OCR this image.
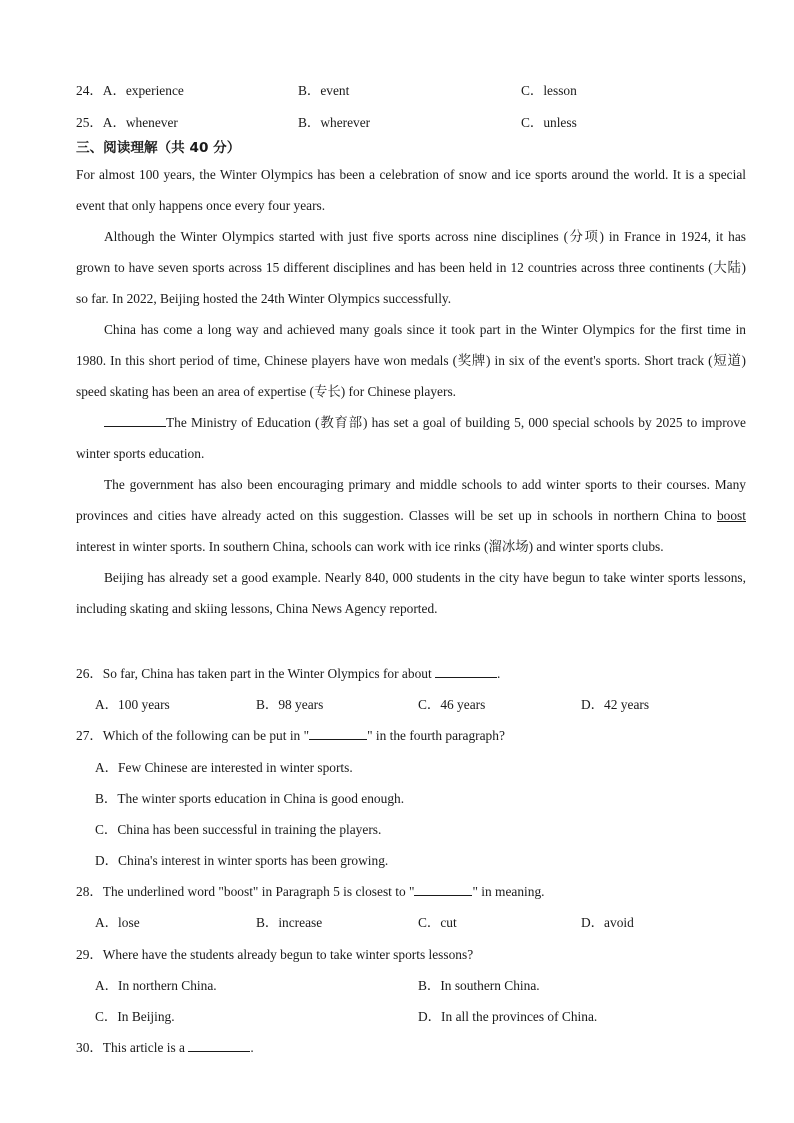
24．A．experience	B．event	C．lesson
25．A．whenever	B．wherever	C．unless
三、阅读理解（共 40 分）

For almost 100 years, the Winter Olympics has been a celebration of snow and ice sports around the world. It is a special event that only happens once every four years.

Although the Winter Olympics started with just five sports across nine disciplines (分项) in France in 1924, it has grown to have seven sports across 15 different disciplines and has been held in 12 countries across three continents (大陆) so far. In 2022, Beijing hosted the 24th Winter Olympics successfully.

China has come a long way and achieved many goals since it took part in the Winter Olympics for the first time in 1980. In this short period of time, Chinese players have won medals (奖牌) in six of the event's sports. Short track (短道) speed skating has been an area of expertise (专长) for Chinese players.

The Ministry of Education (教育部) has set a goal of building 5, 000 special schools by 2025 to improve winter sports education.

The government has also been encouraging primary and middle schools to add winter sports to their courses. Many provinces and cities have already acted on this suggestion. Classes will be set up in schools in northern China to boost interest in winter sports. In southern China, schools can work with ice rinks (溜冰场) and winter sports clubs.

Beijing has already set a good example. Nearly 840, 000 students in the city have begun to take winter sports lessons, including skating and skiing lessons, China News Agency reported.

26．So far, China has taken part in the Winter Olympics for about	.
A．100 years	B．98 years	C．46 years	D．42 years
27．Which of the following can be put in "	" in the fourth paragraph?
A．Few Chinese are interested in winter sports.
B．The winter sports education in China is good enough.
C．China has been successful in training the players.
D．China's interest in winter sports has been growing.
28．The underlined word "boost" in Paragraph 5 is closest to "	" in meaning.
A．lose	B．increase	C．cut	D．avoid
29．Where have the students already begun to take winter sports lessons?
A．In northern China.	B．In southern China.
C．In Beijing.	D．In all the provinces of China.
30．This article is a	.
